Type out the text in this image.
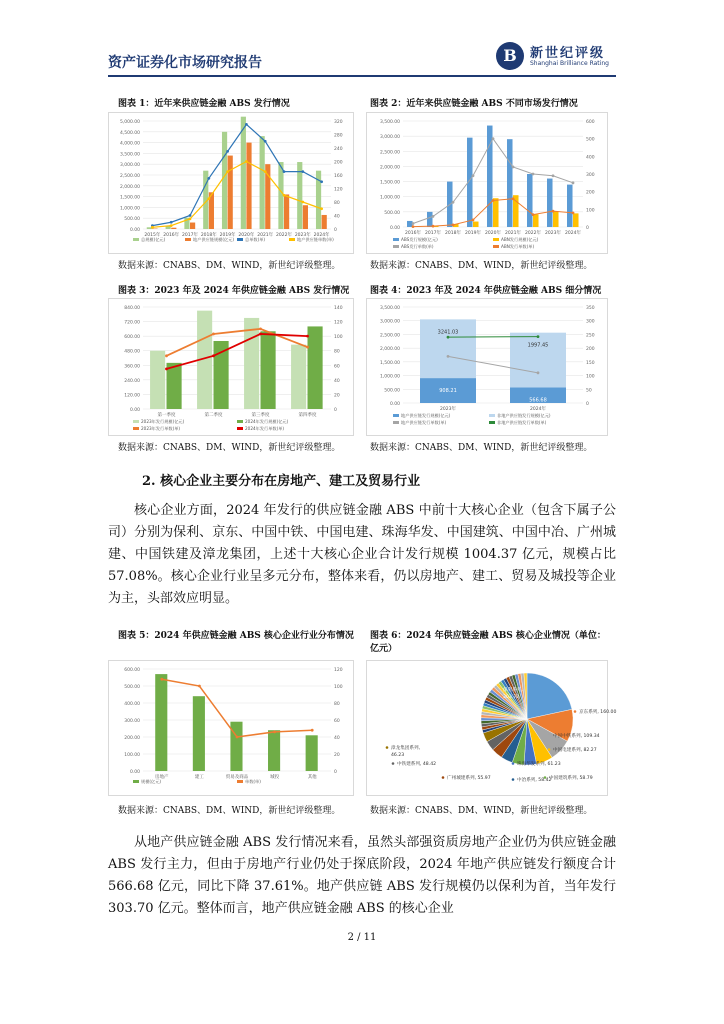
资产证券化市场研究报告	B	新世纪评级
Shanghai Brilliance Rating
图表 1：近年来供应链金融 ABS 发行情况
0.00
500.00
1,000.00
1,500.00
2,000.00
2,500.00
3,000.00
3,500.00
4,000.00
4,500.00
5,000.00
0
40
80
120
160
200
240
280
320
2015年 2016年 2017年 2018年 2019年 2020年 2021年 2022年 2023年 2024年
总规模(亿元)	地产供应链规模(亿元)	总单数(单)	地产供应链单数(单)
数据来源：CNABS、DM、WIND，新世纪评级整理。
图表 2：近年来供应链金融 ABS 不同市场发行情况
0.00
500.00
1,000.00
1,500.00
2,000.00
2,500.00
3,000.00
3,500.00
0
100
200
300
400
500
600
2016年 2017年 2018年 2019年 2020年 2021年 2022年 2023年 2024年
ABS发行规模(亿元)	ABN发行规模(亿元)
ABS发行单数(单)	ABN发行单数(单)
数据来源：CNABS、DM、WIND，新世纪评级整理。
图表 3：2023 年及 2024 年供应链金融 ABS 发行情况
0.00
120.00
240.00
360.00
480.00
600.00
720.00
840.00
0
20
40
60
80
100
120
140
第一季度	第二季度	第三季度	第四季度
2023年发行规模(亿元)	2024年发行规模(亿元)
2023年发行单数(单)	2024年发行单数(单)
数据来源：CNABS、DM、WIND，新世纪评级整理。
图表 4：2023 年及 2024 年供应链金融 ABS 细分情况
0.00
500.00
1,000.00
1,500.00
2,000.00
2,500.00
3,000.00
3,500.00
0
50
100
150
200
250
300
350
3241.03
908.21
2023年
1997.45
566.68
2024年
地产供应链发行规模(亿元)	非地产供应链发行规模(亿元)
地产供应链发行单数(单)	非地产供应链发行单数(单)
数据来源：CNABS、DM、WIND，新世纪评级整理。
2. 核心企业主要分布在房地产、建工及贸易行业

核心企业方面，2024 年发行的供应链金融 ABS 中前十大核心企业（包含下属子公司）分别为保利、京东、中国中铁、中国电建、珠海华发、中国建筑、中国中冶、广州城建、中国铁建及漳龙集团，上述十大核心企业合计发行规模 1004.37 亿元，规模占比 57.08%。核心企业行业呈多元分布，整体来看，仍以房地产、建工、贸易及城投等企业为主，头部效应明显。

图表 5：2024 年供应链金融 ABS 核心企业行业分布情况
0.00
100.00
200.00
300.00
400.00
500.00
600.00
0
20
40
60
80
100
120
房地产	建工	贸易及商品	城投	其他
规模(亿元)	单数(单)
数据来源：CNABS、DM、WIND，新世纪评级整理。
图表 6：2024 年供应链金融 ABS 核心企业情况（单位：亿元）
保利系列,
303.70
京东系列, 160.00
中国中铁系列, 109.34
中国电建系列, 82.27
珠海华发系列, 61.23
中国建筑系列, 58.79
中冶系列, 58.42
广州城建系列, 55.97
中铁建系列, 48.42
漳龙集团系列,
46.23
数据来源：CNABS、DM、WIND，新世纪评级整理。

从地产供应链金融 ABS 发行情况来看，虽然头部强资质房地产企业仍为供应链金融 ABS 发行主力，但由于房地产行业仍处于探底阶段，2024 年地产供应链发行额度合计 566.68 亿元，同比下降 37.61%。地产供应链 ABS 发行规模仍以保利为首，当年发行 303.70 亿元。整体而言，地产供应链金融 ABS 的核心企业

2 / 11
